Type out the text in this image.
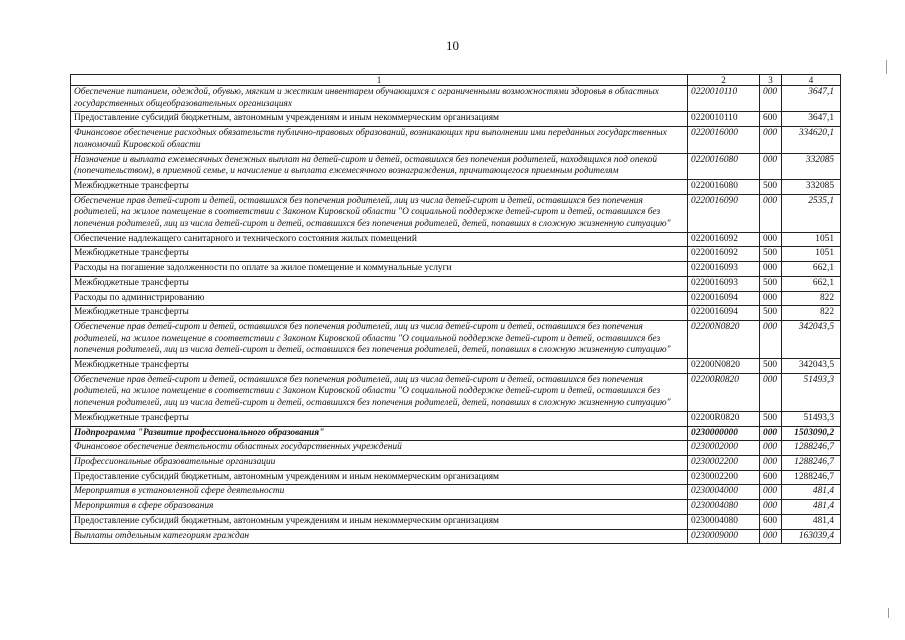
10
1	2	3	4
Обеспечение питанием, одеждой, обувью, мягким и жестким инвентарем обучающихся с ограниченными возможностями здоровья в областных государственных общеобразовательных организациях	0220010110	000	3647,1
Предоставление субсидий бюджетным, автономным учреждениям и иным некоммерческим организациям	0220010110	600	3647,1
Финансовое обеспечение расходных обязательств публично-правовых образований, возникающих при выполнении ими переданных государственных полномочий Кировской области	0220016000	000	334620,1
Назначение и выплата ежемесячных денежных выплат на детей-сирот и детей, оставшихся без попечения родителей, находящихся под опекой (попечительством), в приемной семье, и начисление и выплата ежемесячного вознаграждения, причитающегося приемным родителям	0220016080	000	332085
Межбюджетные трансферты	0220016080	500	332085
Обеспечение прав детей-сирот и детей, оставшихся без попечения родителей, лиц из числа детей-сирот и детей, оставшихся без попечения родителей, на жилое помещение в соответствии с Законом Кировской области "О социальной поддержке детей-сирот и детей, оставшихся без попечения родителей, лиц из числа детей-сирот и детей, оставшихся без попечения родителей, детей, попавших в сложную жизненную ситуацию"	0220016090	000	2535,1
Обеспечение надлежащего санитарного и технического состояния жилых помещений	0220016092	000	1051
Межбюджетные трансферты	0220016092	500	1051
Расходы на погашение задолженности по оплате за жилое помещение и коммунальные услуги	0220016093	000	662,1
Межбюджетные трансферты	0220016093	500	662,1
Расходы по администрированию	0220016094	000	822
Межбюджетные трансферты	0220016094	500	822
Обеспечение прав детей-сирот и детей, оставшихся без попечения родителей, лиц из числа детей-сирот и детей, оставшихся без попечения родителей, на жилое помещение в соответствии с Законом Кировской области "О социальной поддержке детей-сирот и детей, оставшихся без попечения родителей, лиц из числа детей-сирот и детей, оставшихся без попечения родителей, детей, попавших в сложную жизненную ситуацию"	02200N0820	000	342043,5
Межбюджетные трансферты	02200N0820	500	342043,5
Обеспечение прав детей-сирот и детей, оставшихся без попечения родителей, лиц из числа детей-сирот и детей, оставшихся без попечения родителей, на жилое помещение в соответствии с Законом Кировской области "О социальной поддержке детей-сирот и детей, оставшихся без попечения родителей, лиц из числа детей-сирот и детей, оставшихся без попечения родителей, детей, попавших в сложную жизненную ситуацию"	02200R0820	000	51493,3
Межбюджетные трансферты	02200R0820	500	51493,3
Подпрограмма "Развитие профессионального образования"	0230000000	000	1503090,2
Финансовое обеспечение деятельности областных государственных учреждений	0230002000	000	1288246,7
Профессиональные образовательные организации	0230002200	000	1288246,7
Предоставление субсидий бюджетным, автономным учреждениям и иным некоммерческим организациям	0230002200	600	1288246,7
Мероприятия в установленной сфере деятельности	0230004000	000	481,4
Мероприятия в сфере образования	0230004080	000	481,4
Предоставление субсидий бюджетным, автономным учреждениям и иным некоммерческим организациям	0230004080	600	481,4
Выплаты отдельным категориям граждан	0230009000	000	163039,4
